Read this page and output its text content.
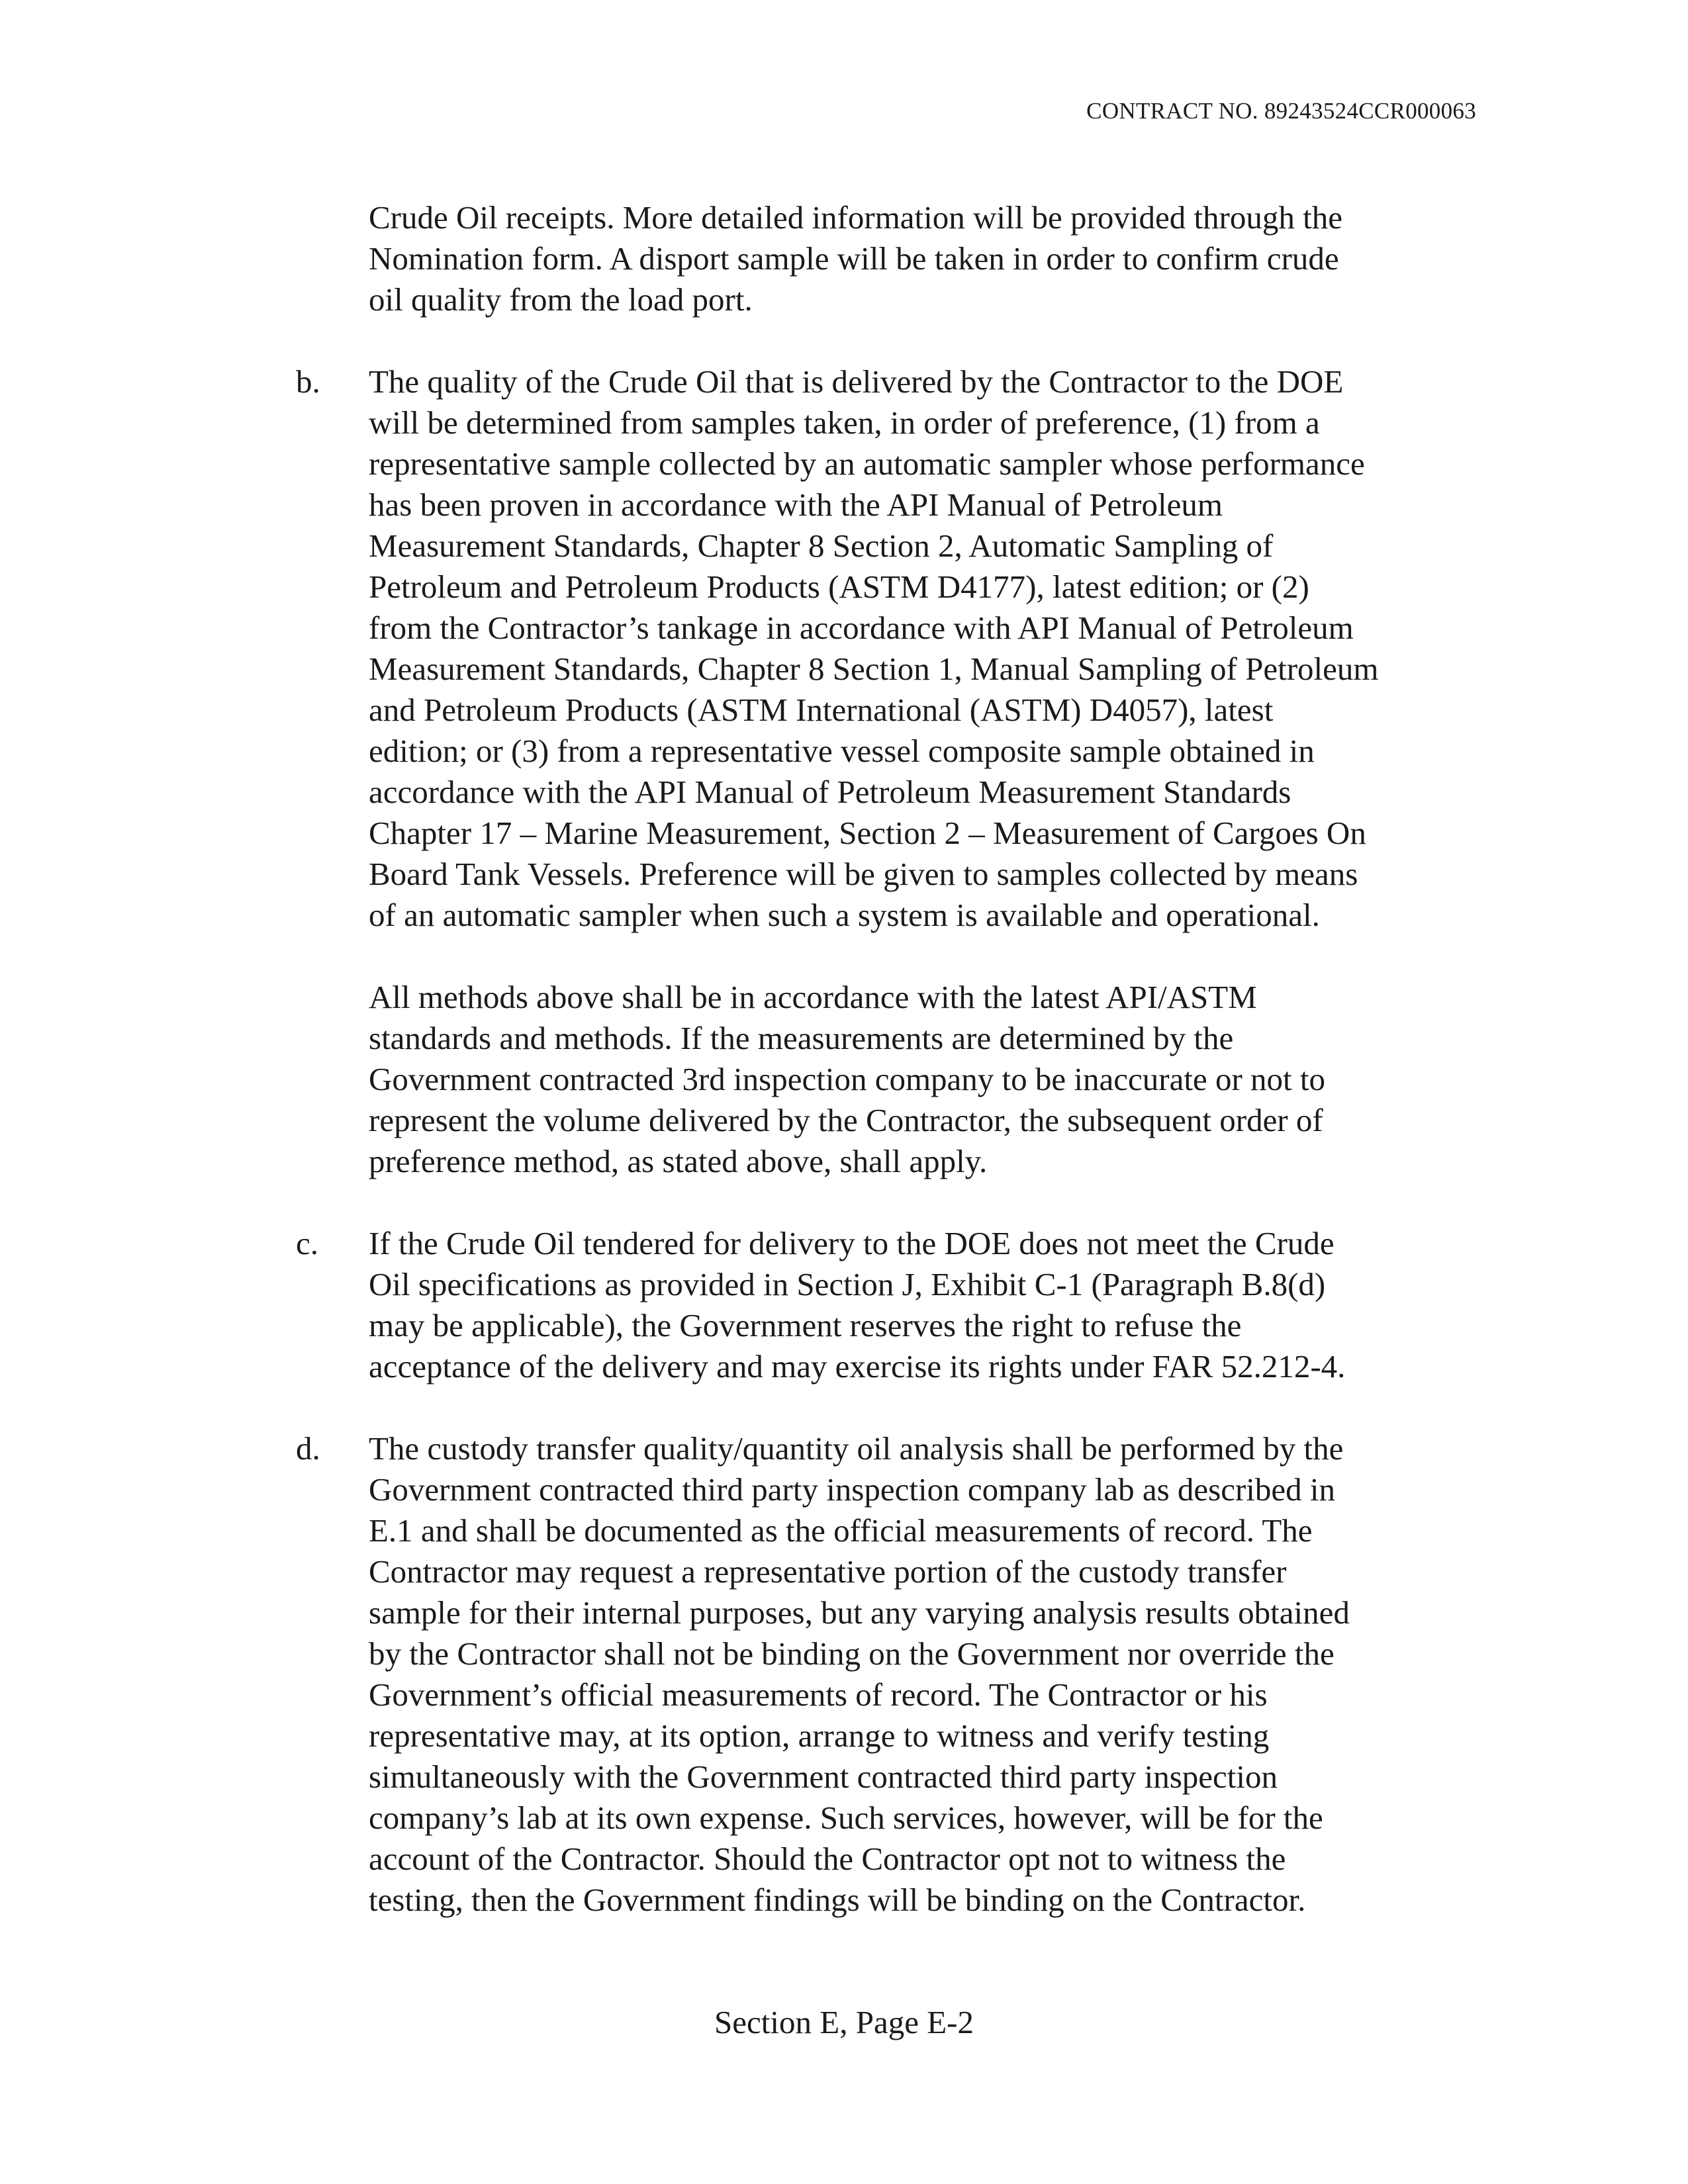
CONTRACT NO. 89243524CCR000063
Crude Oil receipts. More detailed information will be provided through the
Nomination form. A disport sample will be taken in order to confirm crude
oil quality from the load port.
b. The quality of the Crude Oil that is delivered by the Contractor to the DOE
will be determined from samples taken, in order of preference, (1) from a
representative sample collected by an automatic sampler whose performance
has been proven in accordance with the API Manual of Petroleum
Measurement Standards, Chapter 8 Section 2, Automatic Sampling of
Petroleum and Petroleum Products (ASTM D4177), latest edition; or (2)
from the Contractor’s tankage in accordance with API Manual of Petroleum
Measurement Standards, Chapter 8 Section 1, Manual Sampling of Petroleum
and Petroleum Products (ASTM International (ASTM) D4057), latest
edition; or (3) from a representative vessel composite sample obtained in
accordance with the API Manual of Petroleum Measurement Standards
Chapter 17 – Marine Measurement, Section 2 – Measurement of Cargoes On
Board Tank Vessels. Preference will be given to samples collected by means
of an automatic sampler when such a system is available and operational.
All methods above shall be in accordance with the latest API/ASTM
standards and methods. If the measurements are determined by the
Government contracted 3rd inspection company to be inaccurate or not to
represent the volume delivered by the Contractor, the subsequent order of
preference method, as stated above, shall apply.
c. If the Crude Oil tendered for delivery to the DOE does not meet the Crude
Oil specifications as provided in Section J, Exhibit C-1 (Paragraph B.8(d)
may be applicable), the Government reserves the right to refuse the
acceptance of the delivery and may exercise its rights under FAR 52.212-4.
d. The custody transfer quality/quantity oil analysis shall be performed by the
Government contracted third party inspection company lab as described in
E.1 and shall be documented as the official measurements of record. The
Contractor may request a representative portion of the custody transfer
sample for their internal purposes, but any varying analysis results obtained
by the Contractor shall not be binding on the Government nor override the
Government’s official measurements of record. The Contractor or his
representative may, at its option, arrange to witness and verify testing
simultaneously with the Government contracted third party inspection
company’s lab at its own expense. Such services, however, will be for the
account of the Contractor. Should the Contractor opt not to witness the
testing, then the Government findings will be binding on the Contractor.
Section E, Page E-2
